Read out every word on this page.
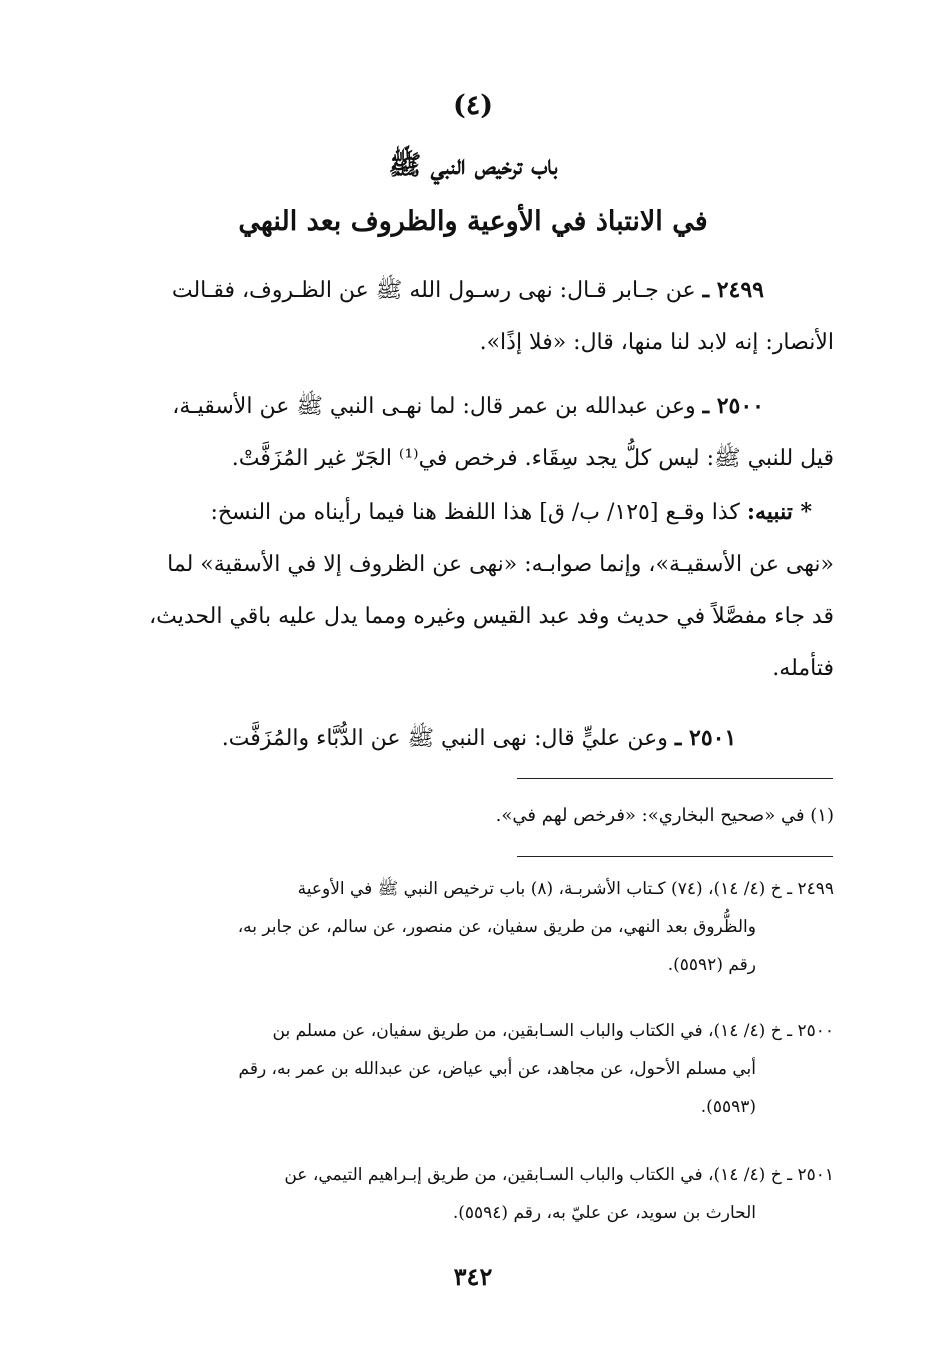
(٤)
باب ترخيص النبي ﷺ
في الانتباذ في الأوعية والظروف بعد النهي
٢٤٩٩ ـ عن جـابر قـال: نهى رسـول الله ﷺ عن الظـروف، فقـالت
الأنصار: إنه لابد لنا منها، قال: «فلا إذًا».
٢٥٠٠ ـ وعن عبدالله بن عمر قال: لما نهـى النبي ﷺ عن الأسقيـة،
قيل للنبي ﷺ: ليس كلُّ يجد سِقَاء. فرخص في⁽¹⁾ الجَرّ غير المُزَفَّتْ.
* تنبيه: كذا وقـع [١٢٥/ ب/ ق] هذا اللفظ هنا فيما رأيناه من النسخ:
«نهى عن الأسقيـة»، وإنما صوابـه: «نهى عن الظروف إلا في الأسقية» لما
قد جاء مفصَّلاً في حديث وفد عبد القيس وغيره ومما يدل عليه باقي الحديث،
فتأمله.
٢٥٠١ ـ وعن عليٍّ قال: نهى النبي ﷺ عن الدُّبَّاء والمُزَفَّت.
(١) في «صحيح البخاري»: «فرخص لهم في».
٢٤٩٩ ـ خ (٤/ ١٤)، (٧٤) كـتاب الأشربـة، (٨) باب ترخيص النبي ﷺ في الأوعية
والظُّروق بعد النهي، من طريق سفيان، عن منصور، عن سالم، عن جابر به،
رقم (٥٥٩٢).
٢٥٠٠ ـ خ (٤/ ١٤)، في الكتاب والباب السـابقين، من طريق سفيان، عن مسلم بن
أبي مسلم الأحول، عن مجاهد، عن أبي عياض، عن عبدالله بن عمر به، رقم
(٥٥٩٣).
٢٥٠١ ـ خ (٤/ ١٤)، في الكتاب والباب السـابقين، من طريق إبـراهيم التيمي، عن
الحارث بن سويد، عن عليّ به، رقم (٥٥٩٤).
٣٤٢
